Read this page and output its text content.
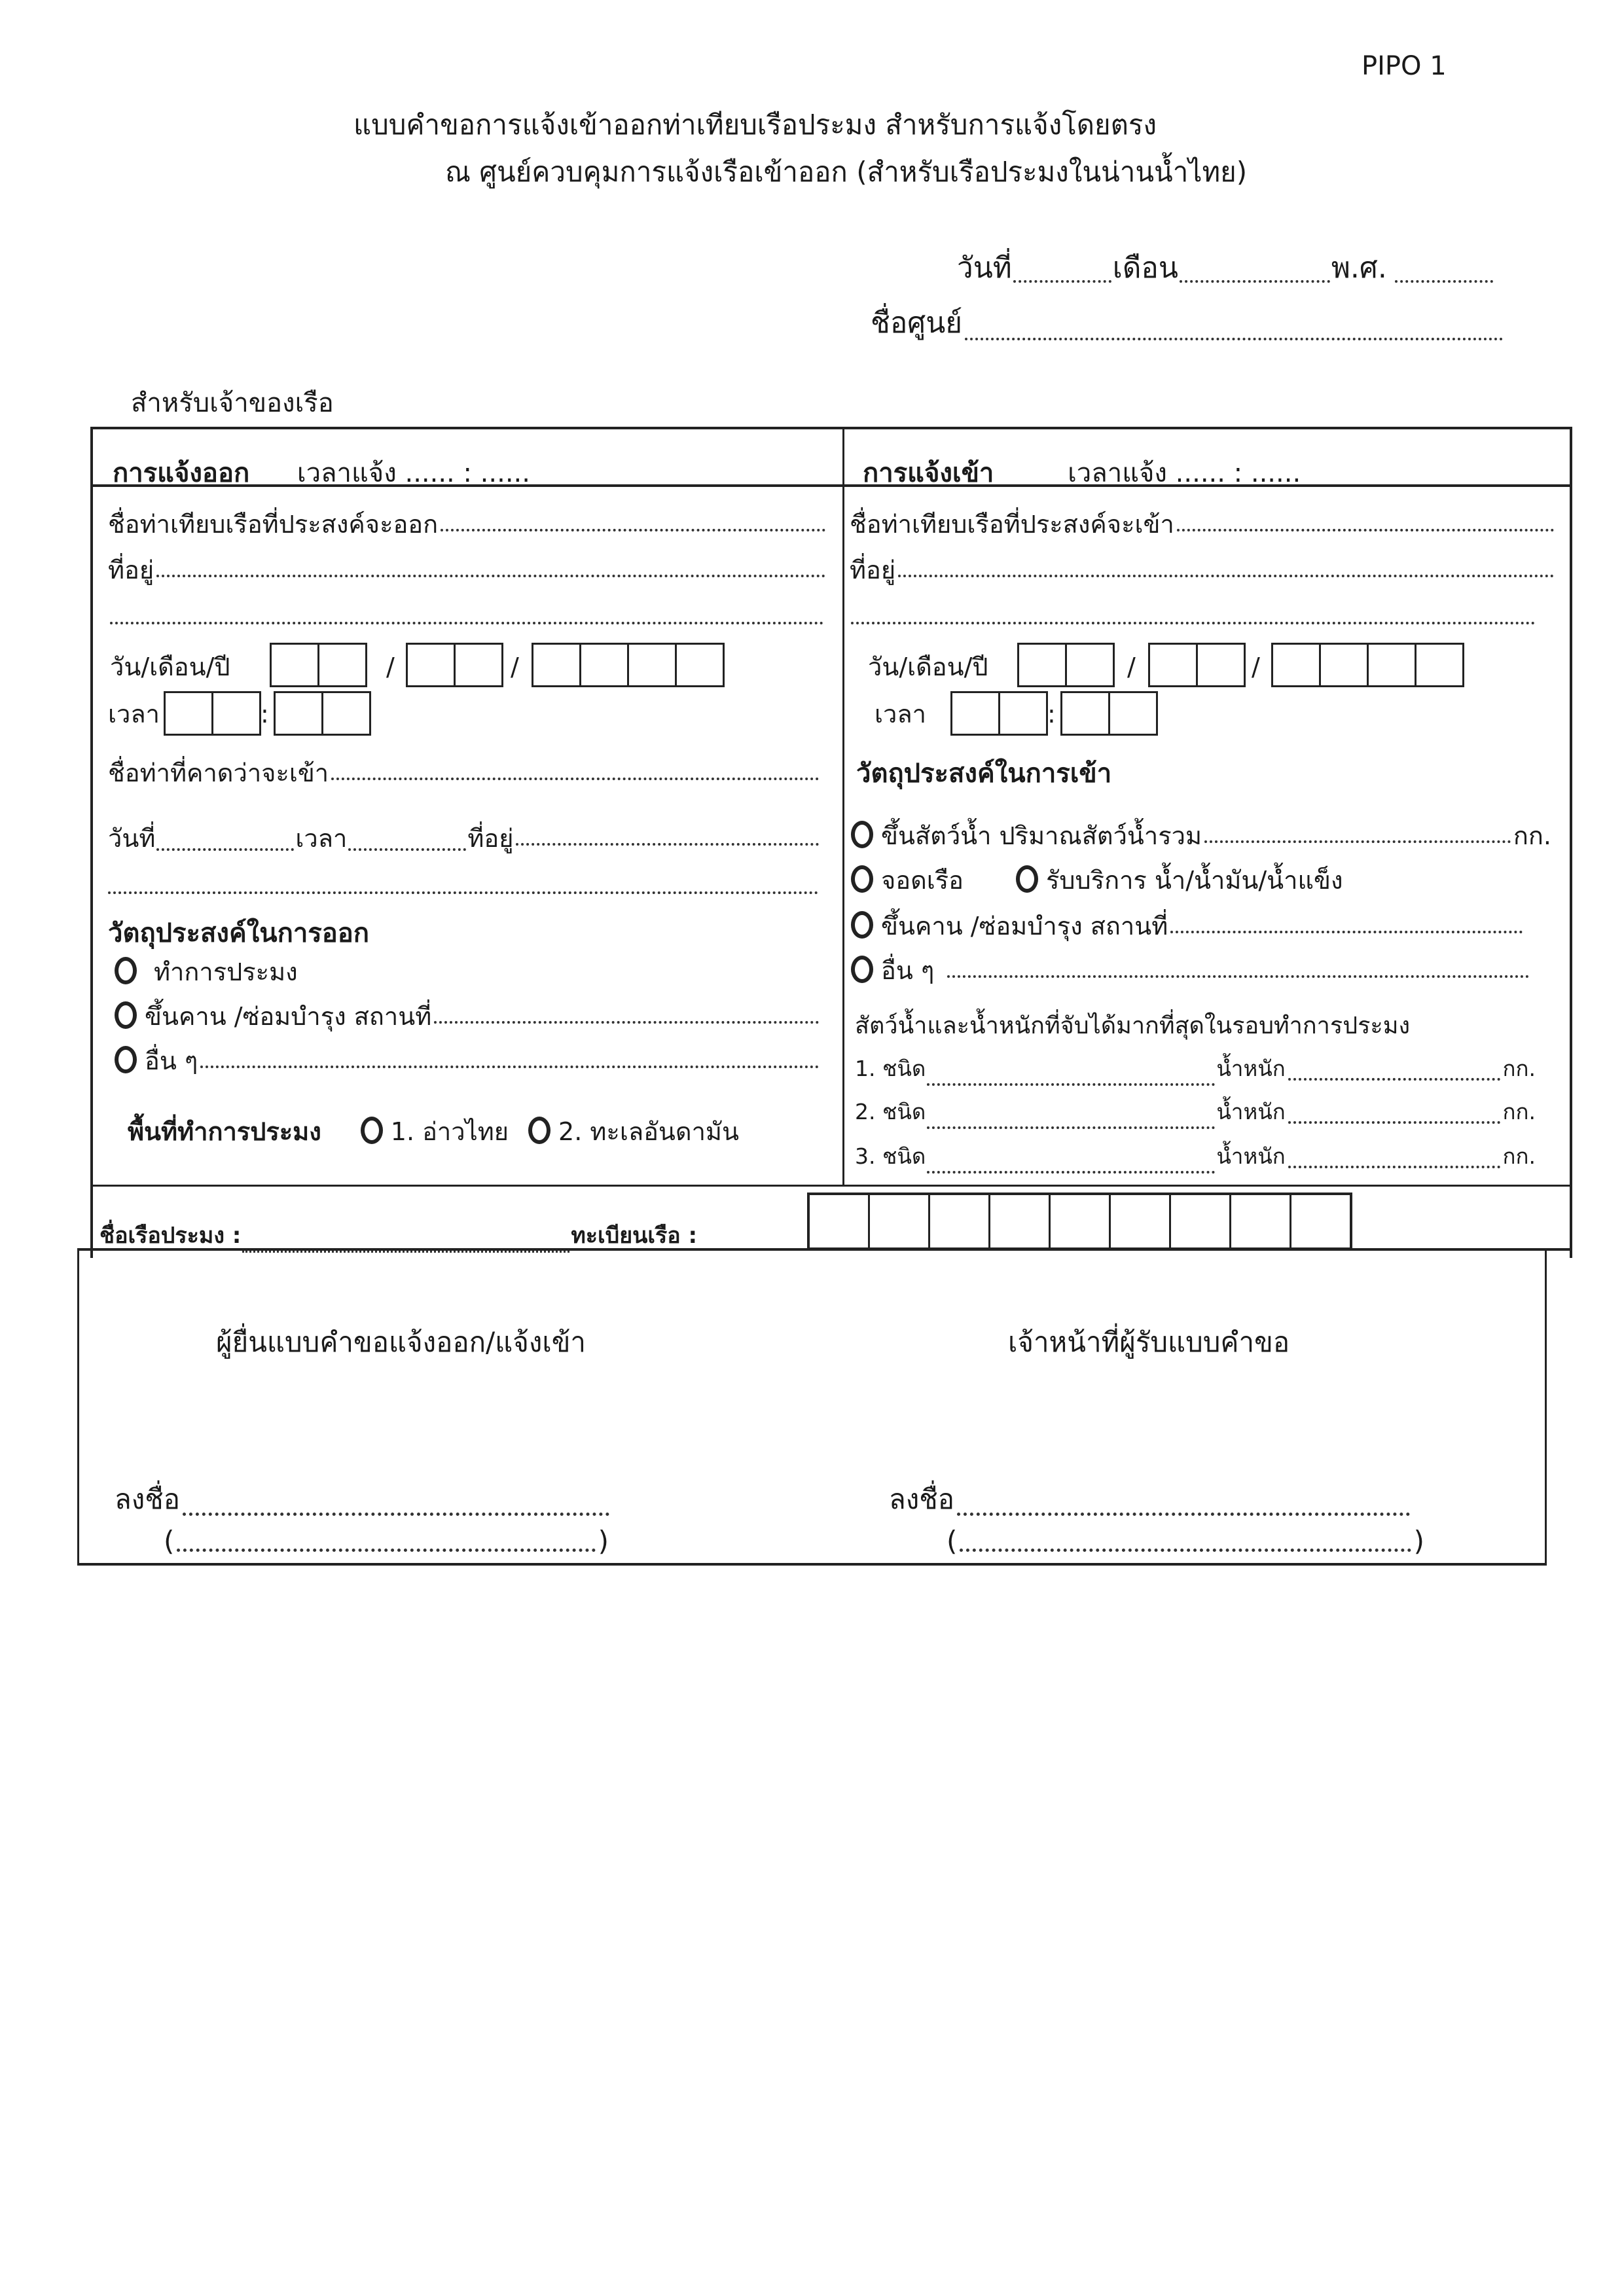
PIPO 1
แบบคำขอการแจ้งเข้าออกท่าเทียบเรือประมง สำหรับการแจ้งโดยตรง
ณ ศูนย์ควบคุมการแจ้งเรือเข้าออก (สำหรับเรือประมงในน่านน้ำไทย)
วันที่	เดือน	พ.ศ.
ชื่อศูนย์
สำหรับเจ้าของเรือ
การแจ้งออก เวลาแจ้ง ...... : ......
ชื่อท่าเทียบเรือที่ประสงค์จะออก
ที่อยู่
วัน/เดือน/ปี	/	/
เวลา	:
ชื่อท่าที่คาดว่าจะเข้า
วันที่	เวลา	ที่อยู่
วัตถุประสงค์ในการออก
ทำการประมง
ขึ้นคาน /ซ่อมบำรุง สถานที่
อื่น ๆ
พื้นที่ทำการประมง	1. อ่าวไทย 2. ทะเลอันดามัน
การแจ้งเข้า	เวลาแจ้ง ...... : ......
ชื่อท่าเทียบเรือที่ประสงค์จะเข้า
ที่อยู่
วัน/เดือน/ปี	/	/
เวลา	:
วัตถุประสงค์ในการเข้า
ขึ้นสัตว์น้ำ ปริมาณสัตว์น้ำรวม	กก.
จอดเรือ	รับบริการ น้ำ/น้ำมัน/น้ำแข็ง
ขึ้นคาน /ซ่อมบำรุง สถานที่
อื่น ๆ
สัตว์น้ำและน้ำหนักที่จับได้มากที่สุดในรอบทำการประมง
1. ชนิด	น้ำหนัก	กก.
2. ชนิด	น้ำหนัก	กก.
3. ชนิด	น้ำหนัก	กก.
ชื่อเรือประมง :	ทะเบียนเรือ :
ผู้ยื่นแบบคำขอแจ้งออก/แจ้งเข้า
ลงชื่อ
(	)
เจ้าหน้าที่ผู้รับแบบคำขอ
ลงชื่อ
(	)
